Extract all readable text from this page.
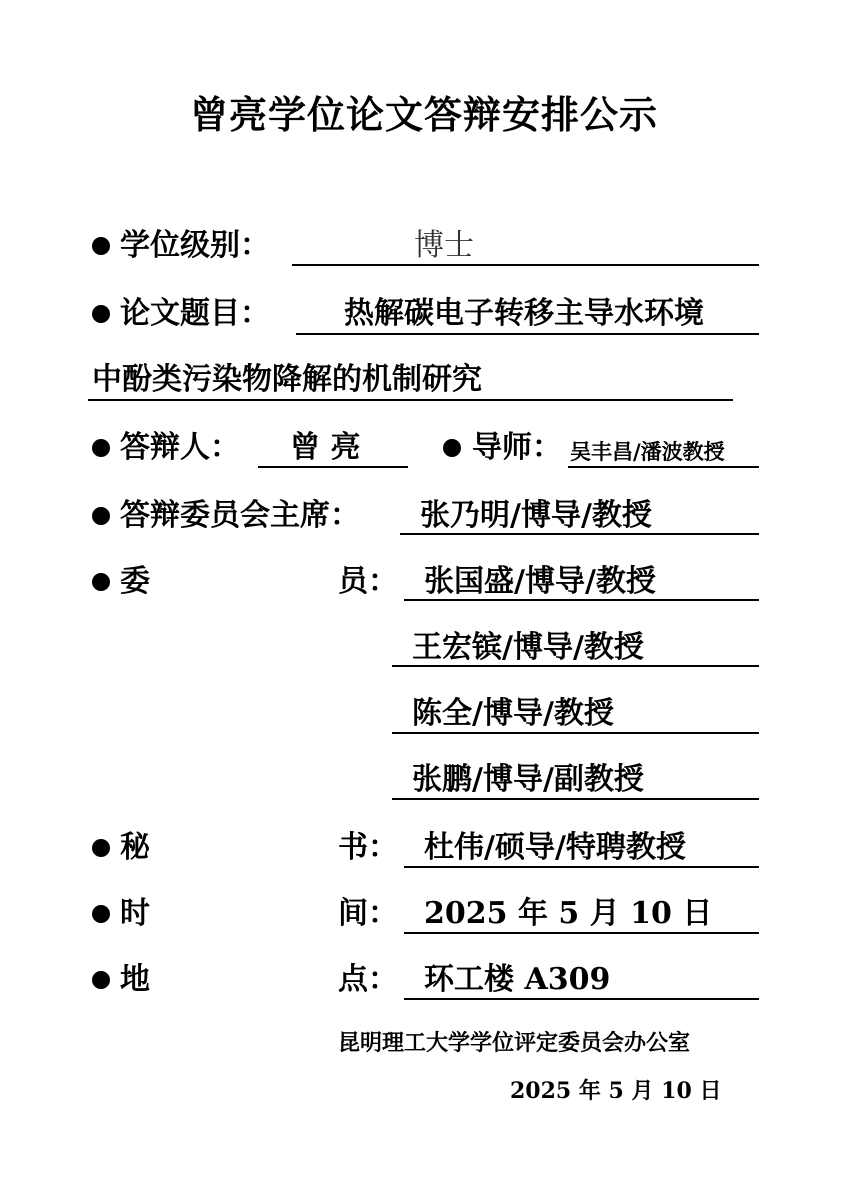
曾亮学位论文答辩安排公示
学位级别：	博士
论文题目： 热解碳电子转移主导水环境
中酚类污染物降解的机制研究
答辩人： 曾 亮	导师： 吴丰昌/潘波教授
答辩委员会主席： 张乃明/博导/教授
委	员： 张国盛/博导/教授
王宏镔/博导/教授
陈全/博导/教授
张鹏/博导/副教授
秘	书： 杜伟/硕导/特聘教授
时	间： 2025 年 5 月 10 日
地	点： 环工楼 A309
昆明理工大学学位评定委员会办公室
2025 年 5 月 10 日
